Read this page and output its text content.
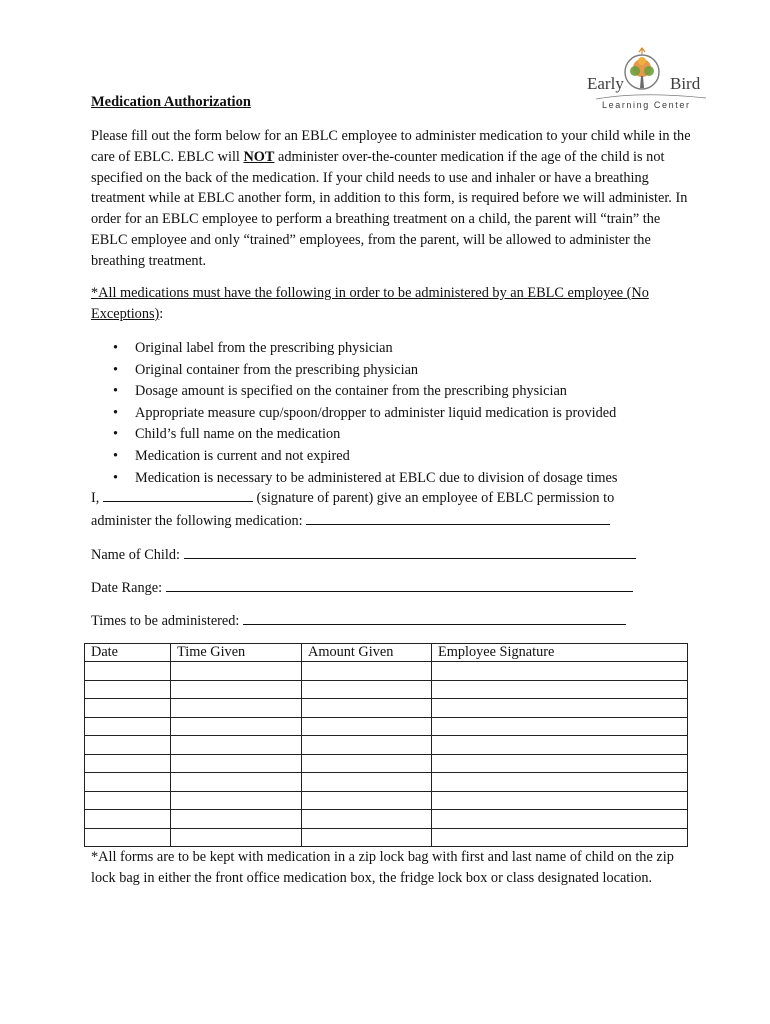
Early	Bird
Learning Center
Medication Authorization

Please fill out the form below for an EBLC employee to administer medication to your child while in the care of EBLC. EBLC will NOT administer over-the-counter medication if the age of the child is not specified on the back of the medication. If your child needs to use and inhaler or have a breathing treatment while at EBLC another form, in addition to this form, is required before we will administer. In order for an EBLC employee to perform a breathing treatment on a child, the parent will “train” the EBLC employee and only “trained” employees, from the parent, will be allowed to administer the breathing treatment.

*All medications must have the following in order to be administered by an EBLC employee (No Exceptions):
• Original label from the prescribing physician
• Original container from the prescribing physician
• Dosage amount is specified on the container from the prescribing physician
• Appropriate measure cup/spoon/dropper to administer liquid medication is provided
• Child’s full name on the medication
• Medication is current and not expired
• Medication is necessary to be administered at EBLC due to division of dosage times
I,	(signature of parent) give an employee of EBLC permission to
administer the following medication:
Name of Child:
Date Range:
Times to be administered:
Date	Time Given	Amount Given	Employee Signature

*All forms are to be kept with medication in a zip lock bag with first and last name of child on the zip lock bag in either the front office medication box, the fridge lock box or class designated location.
